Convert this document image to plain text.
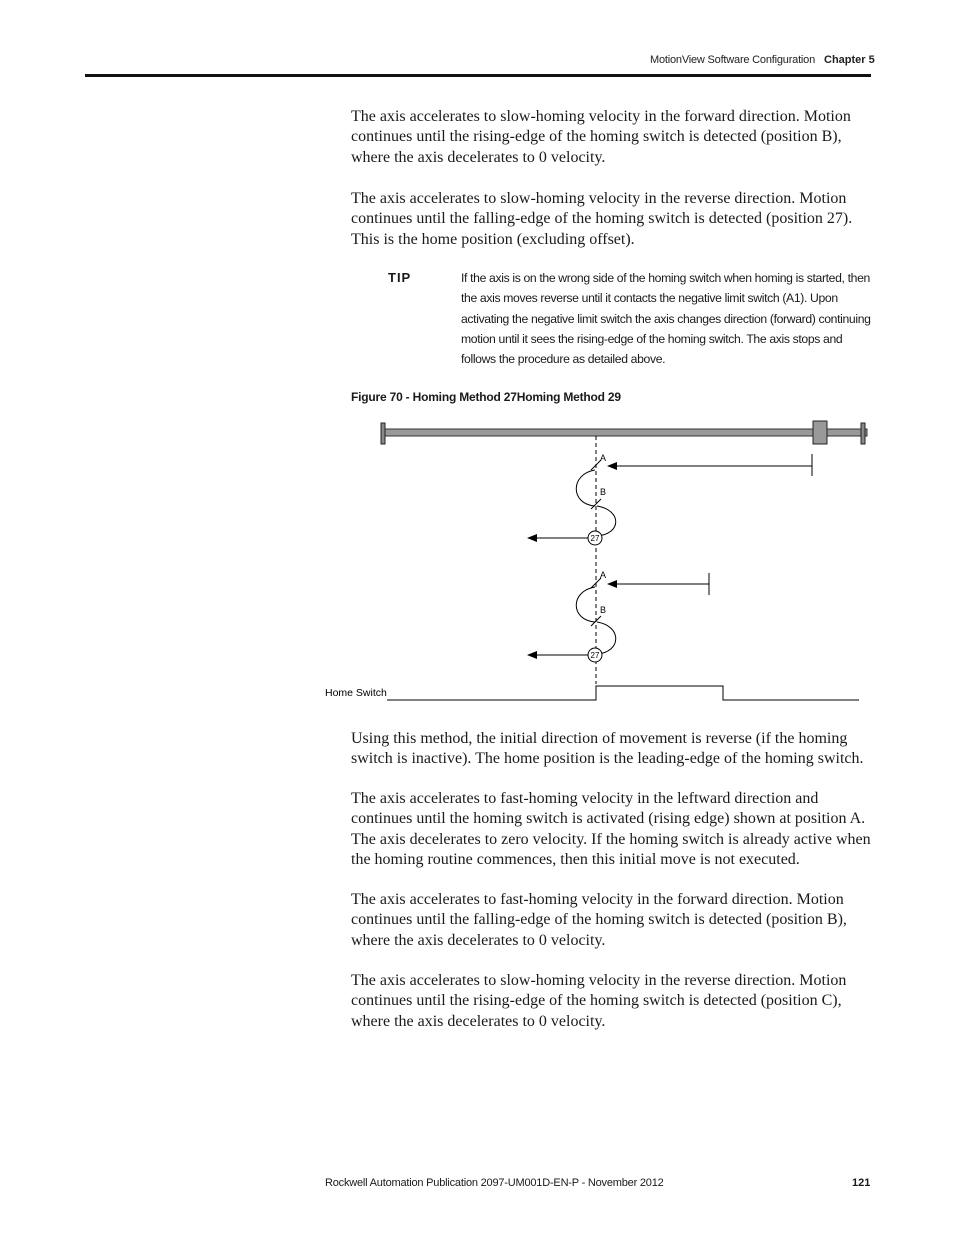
MotionView Software Configuration Chapter 5

The axis accelerates to slow-homing velocity in the forward direction. Motion continues until the rising-edge of the homing switch is detected (position B), where the axis decelerates to 0 velocity.

The axis accelerates to slow-homing velocity in the reverse direction. Motion continues until the falling-edge of the homing switch is detected (position 27). This is the home position (excluding offset).

TIP	If the axis is on the wrong side of the homing switch when homing is started, then the axis moves reverse until it contacts the negative limit switch (A1). Upon activating the negative limit switch the axis changes direction (forward) continuing motion until it sees the rising-edge of the homing switch. The axis stops and follows the procedure as detailed above.

Figure 70 - Homing Method 27Homing Method 29
A
B
27
A
B
27
Home Switch

Using this method, the initial direction of movement is reverse (if the homing switch is inactive). The home position is the leading-edge of the homing switch.

The axis accelerates to fast-homing velocity in the leftward direction and continues until the homing switch is activated (rising edge) shown at position A. The axis decelerates to zero velocity. If the homing switch is already active when the homing routine commences, then this initial move is not executed.

The axis accelerates to fast-homing velocity in the forward direction. Motion continues until the falling-edge of the homing switch is detected (position B), where the axis decelerates to 0 velocity.

The axis accelerates to slow-homing velocity in the reverse direction. Motion continues until the rising-edge of the homing switch is detected (position C), where the axis decelerates to 0 velocity.

Rockwell Automation Publication 2097-UM001D-EN-P - November 2012	121
